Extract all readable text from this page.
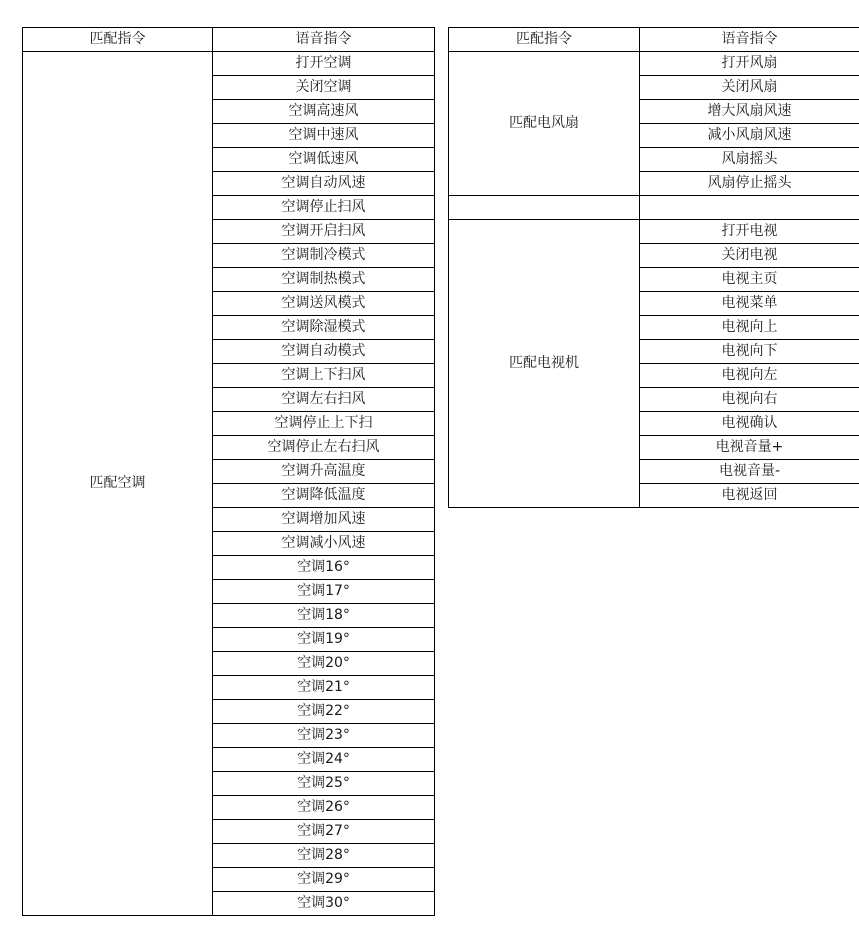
匹配指令	语音指令
匹配空调	打开空调
	关闭空调
	空调高速风
	空调中速风
	空调低速风
	空调自动风速
	空调停止扫风
	空调开启扫风
	空调制冷模式
	空调制热模式
	空调送风模式
	空调除湿模式
	空调自动模式
	空调上下扫风
	空调左右扫风
	空调停止上下扫
	空调停止左右扫风
	空调升高温度
	空调降低温度
	空调增加风速
	空调减小风速
	空调16°
	空调17°
	空调18°
	空调19°
	空调20°
	空调21°
	空调22°
	空调23°
	空调24°
	空调25°
	空调26°
	空调27°
	空调28°
	空调29°
	空调30°
匹配指令	语音指令
匹配电风扇	打开风扇
	关闭风扇
	增大风扇风速
	减小风扇风速
	风扇摇头
	风扇停止摇头

匹配电视机	打开电视
	关闭电视
	电视主页
	电视菜单
	电视向上
	电视向下
	电视向左
	电视向右
	电视确认
	电视音量+
	电视音量-
	电视返回
